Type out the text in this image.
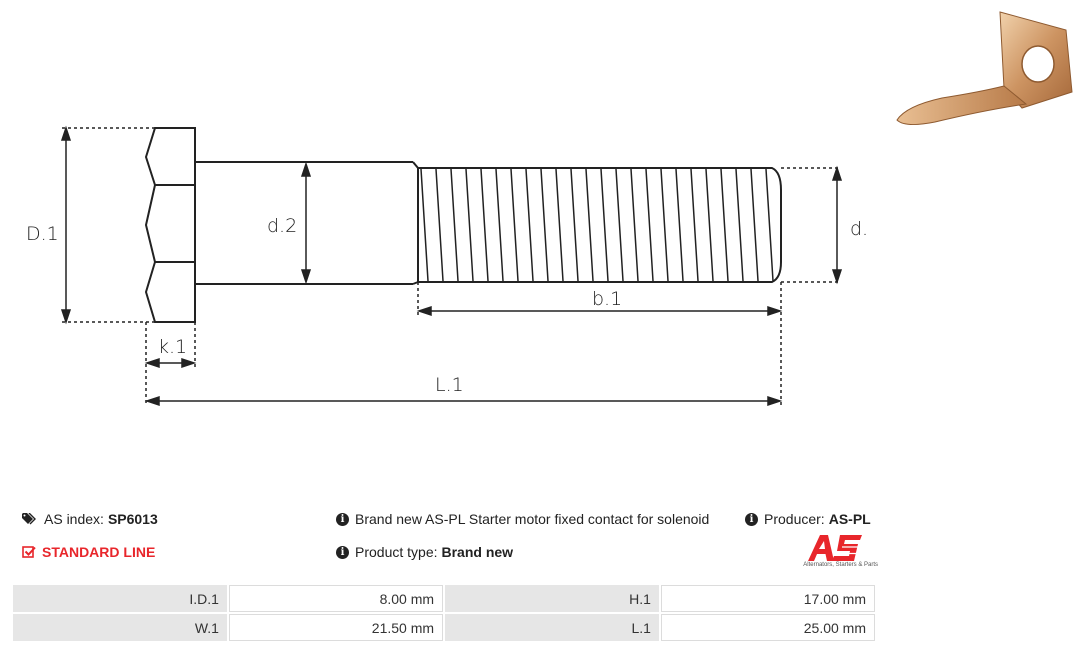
D.1	d.2	d.
k.1
b.1
L.1
AS index: SP6013
STANDARD LINE
i Brand new AS-PL Starter motor fixed contact for solenoid	i Producer: AS-PL
i Product type: Brand new
Alternators, Starters & Parts
I.D.1	8.00 mm	H.1	17.00 mm
W.1	21.50 mm	L.1	25.00 mm
